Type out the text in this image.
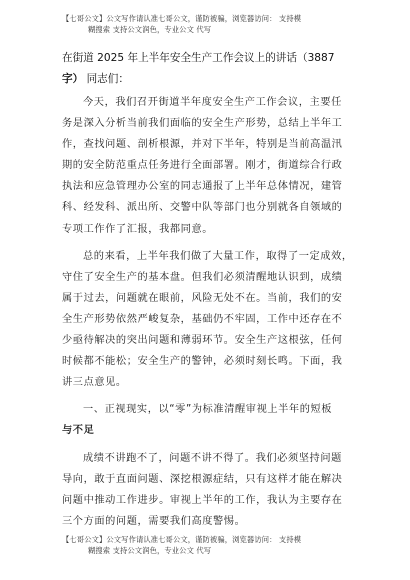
【七哥公文】公文写作请认准七哥公文，谨防被骗，浏览器访问： 支持模
糊搜索 支持公文润色，专业公文 代写
在街道 2025 年上半年安全生产工作会议上的讲话（3887
字） 同志们：
今天，我们召开街道半年度安全生产工作会议，主要任
务是深入分析当前我们面临的安全生产形势，总结上半年工
作，查找问题、剖析根源，并对下半年，特别是当前高温汛
期的安全防范重点任务进行全面部署。刚才，街道综合行政
执法和应急管理办公室的同志通报了上半年总体情况，建管
科、经发科、派出所、交警中队等部门也分别就各自领域的
专项工作作了汇报，我都同意。
总的来看，上半年我们做了大量工作，取得了一定成效，
守住了安全生产的基本盘。但我们必须清醒地认识到，成绩
属于过去，问题就在眼前，风险无处不在。当前，我们的安
全生产形势依然严峻复杂，基础仍不牢固，工作中还存在不
少亟待解决的突出问题和薄弱环节。安全生产这根弦，任何
时候都不能松；安全生产的警钟，必须时刻长鸣。下面，我
讲三点意见。
一、正视现实，以“零”为标准清醒审视上半年的短板
与不足
成绩不讲跑不了，问题不讲不得了。我们必须坚持问题
导向，敢于直面问题、深挖根源症结，只有这样才能在解决
问题中推动工作进步。审视上半年的工作，我认为主要存在
三个方面的问题，需要我们高度警惕。
【七哥公文】公文写作请认准七哥公文，谨防被骗，浏览器访问： 支持模
糊搜索 支持公文润色，专业公文 代写
